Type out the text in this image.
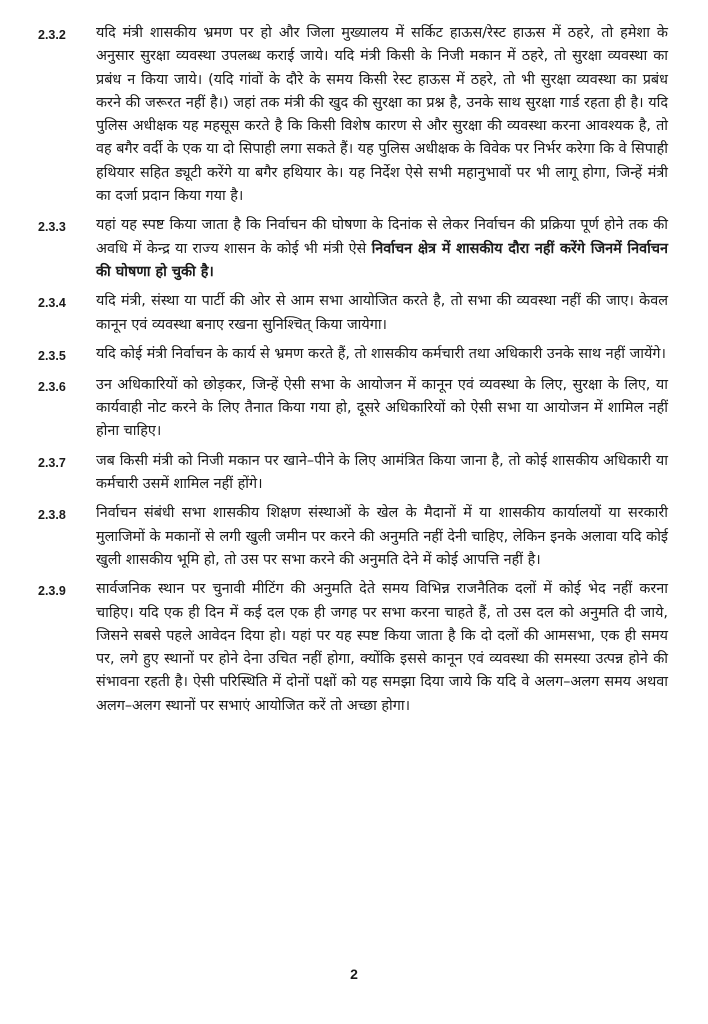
2.3.2	यदि मंत्री शासकीय भ्रमण पर हो और जिला मुख्यालय में सर्किट हाऊस/रेस्ट हाऊस में ठहरे, तो हमेशा के अनुसार सुरक्षा व्यवस्था उपलब्ध कराई जाये। यदि मंत्री किसी के निजी मकान में ठहरे, तो सुरक्षा व्यवस्था का प्रबंध न किया जाये। (यदि गांवों के दौरे के समय किसी रेस्ट हाऊस में ठहरे, तो भी सुरक्षा व्यवस्था का प्रबंध करने की जरूरत नहीं है।) जहां तक मंत्री की खुद की सुरक्षा का प्रश्न है, उनके साथ सुरक्षा गार्ड रहता ही है। यदि पुलिस अधीक्षक यह महसूस करते है कि किसी विशेष कारण से और सुरक्षा की व्यवस्था करना आवश्यक है, तो वह बगैर वर्दी के एक या दो सिपाही लगा सकते हैं। यह पुलिस अधीक्षक के विवेक पर निर्भर करेगा कि वे सिपाही हथियार सहित ड्यूटी करेंगे या बगैर हथियार के। यह निर्देश ऐसे सभी महानुभावों पर भी लागू होगा, जिन्हें मंत्री का दर्जा प्रदान किया गया है।
2.3.3	यहां यह स्पष्ट किया जाता है कि निर्वाचन की घोषणा के दिनांक से लेकर निर्वाचन की प्रक्रिया पूर्ण होने तक की अवधि में केन्द्र या राज्य शासन के कोई भी मंत्री ऐसे निर्वाचन क्षेत्र में शासकीय दौरा नहीं करेंगे जिनमें निर्वाचन की घोषणा हो चुकी है।
2.3.4	यदि मंत्री, संस्था या पार्टी की ओर से आम सभा आयोजित करते है, तो सभा की व्यवस्था नहीं की जाए। केवल कानून एवं व्यवस्था बनाए रखना सुनिश्चित् किया जायेगा।
2.3.5	यदि कोई मंत्री निर्वाचन के कार्य से भ्रमण करते हैं, तो शासकीय कर्मचारी तथा अधिकारी उनके साथ नहीं जायेंगे।
2.3.6	उन अधिकारियों को छोड़कर, जिन्हें ऐसी सभा के आयोजन में कानून एवं व्यवस्था के लिए, सुरक्षा के लिए, या कार्यवाही नोट करने के लिए तैनात किया गया हो, दूसरे अधिकारियों को ऐसी सभा या आयोजन में शामिल नहीं होना चाहिए।
2.3.7	जब किसी मंत्री को निजी मकान पर खाने–पीने के लिए आमंत्रित किया जाना है, तो कोई शासकीय अधिकारी या कर्मचारी उसमें शामिल नहीं होंगे।
2.3.8	निर्वाचन संबंधी सभा शासकीय शिक्षण संस्थाओं के खेल के मैदानों में या शासकीय कार्यालयों या सरकारी मुलाजिमों के मकानों से लगी खुली जमीन पर करने की अनुमति नहीं देनी चाहिए, लेकिन इनके अलावा यदि कोई खुली शासकीय भूमि हो, तो उस पर सभा करने की अनुमति देने में कोई आपत्ति नहीं है।
2.3.9	सार्वजनिक स्थान पर चुनावी मीटिंग की अनुमति देते समय विभिन्न राजनैतिक दलों में कोई भेद नहीं करना चाहिए। यदि एक ही दिन में कई दल एक ही जगह पर सभा करना चाहते हैं, तो उस दल को अनुमति दी जाये, जिसने सबसे पहले आवेदन दिया हो। यहां पर यह स्पष्ट किया जाता है कि दो दलों की आमसभा, एक ही समय पर, लगे हुए स्थानों पर होने देना उचित नहीं होगा, क्योंकि इससे कानून एवं व्यवस्था की समस्या उत्पन्न होने की संभावना रहती है। ऐसी परिस्थिति में दोनों पक्षों को यह समझा दिया जाये कि यदि वे अलग–अलग समय अथवा अलग–अलग स्थानों पर सभाएं आयोजित करें तो अच्छा होगा।
2
